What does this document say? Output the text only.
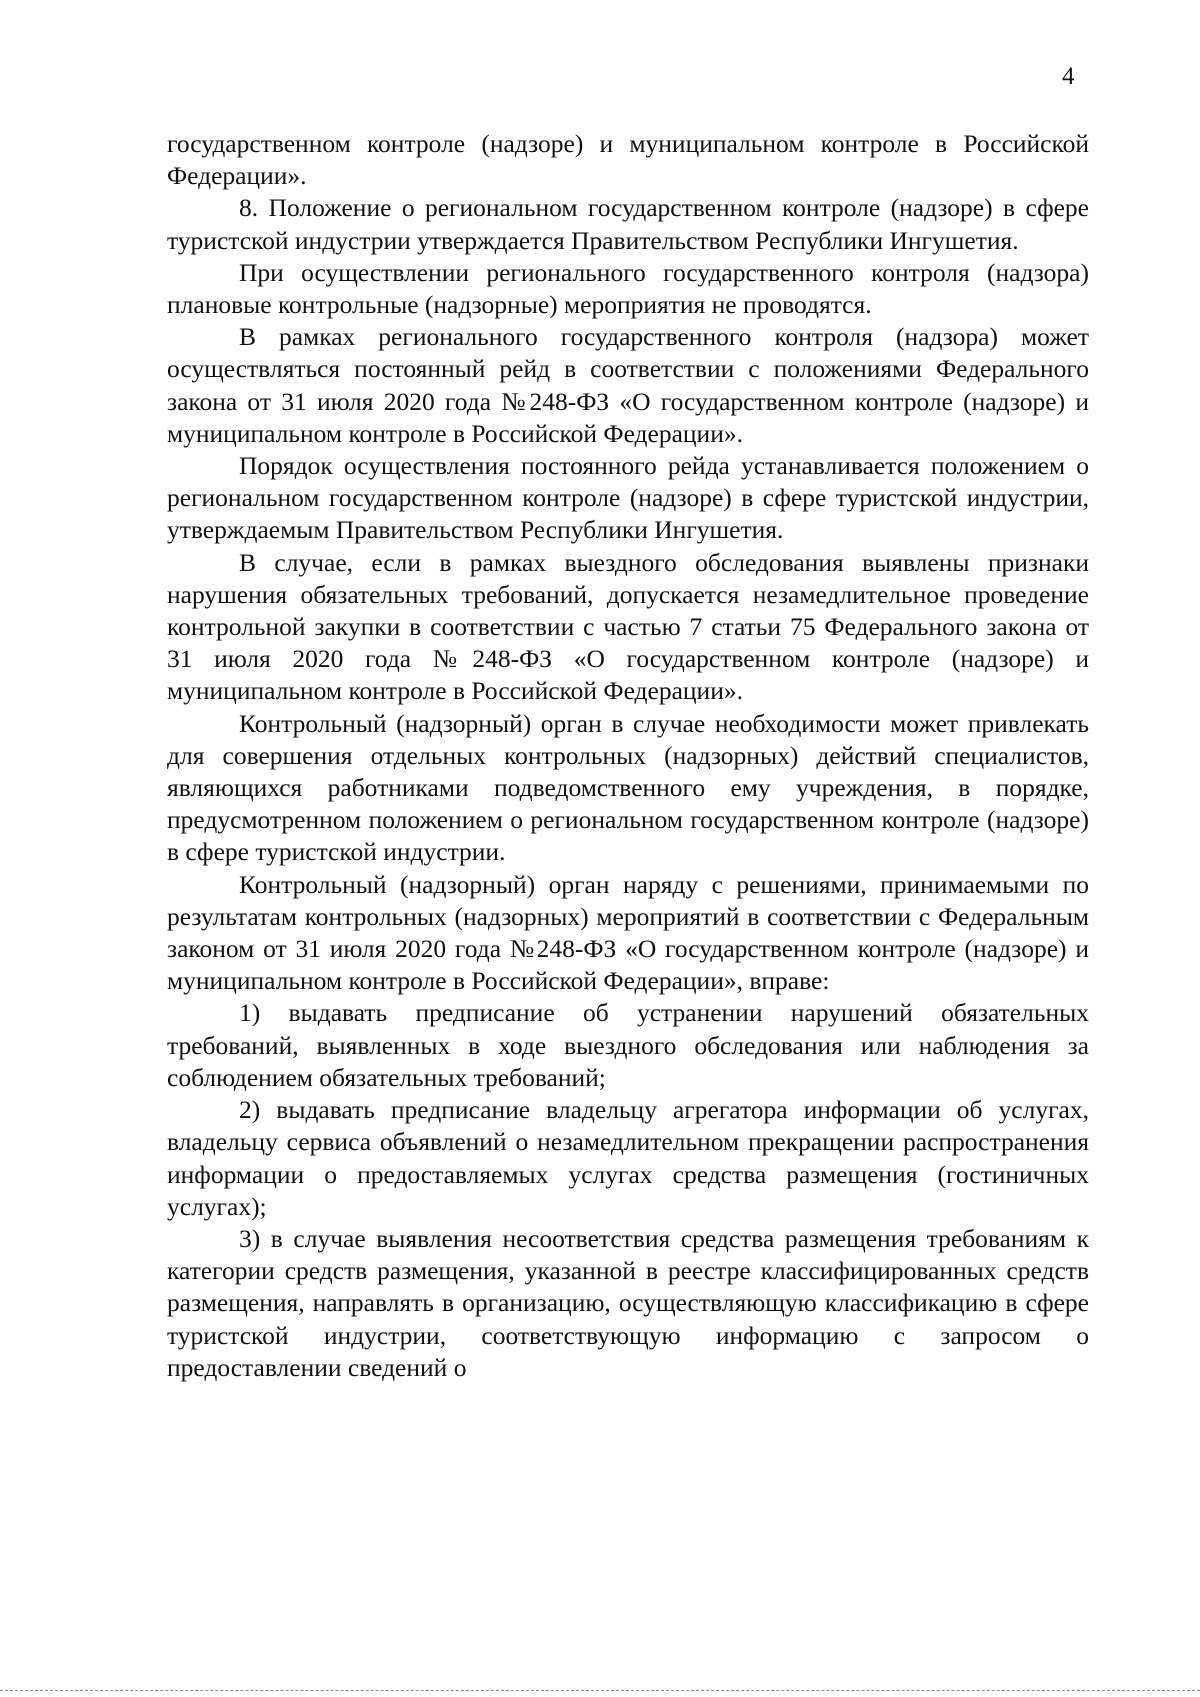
4

государственном контроле (надзоре) и муниципальном контроле в Российской Федерации».

8. Положение о региональном государственном контроле (надзоре) в сфере туристской индустрии утверждается Правительством Республики Ингушетия.

При осуществлении регионального государственного контроля (надзора) плановые контрольные (надзорные) мероприятия не проводятся.

В рамках регионального государственного контроля (надзора) может осуществляться постоянный рейд в соответствии с положениями Федерального закона от 31 июля 2020 года №248-ФЗ «О государственном контроле (надзоре) и муниципальном контроле в Российской Федерации».

Порядок осуществления постоянного рейда устанавливается положением о региональном государственном контроле (надзоре) в сфере туристской индустрии, утверждаемым Правительством Республики Ингушетия.

В случае, если в рамках выездного обследования выявлены признаки нарушения обязательных требований, допускается незамедлительное проведение контрольной закупки в соответствии с частью 7 статьи 75 Федерального закона от 31 июля 2020 года №248-ФЗ «О государственном контроле (надзоре) и муниципальном контроле в Российской Федерации».

Контрольный (надзорный) орган в случае необходимости может привлекать для совершения отдельных контрольных (надзорных) действий специалистов, являющихся работниками подведомственного ему учреждения, в порядке, предусмотренном положением о региональном государственном контроле (надзоре) в сфере туристской индустрии.

Контрольный (надзорный) орган наряду с решениями, принимаемыми по результатам контрольных (надзорных) мероприятий в соответствии с Федеральным законом от 31 июля 2020 года №248-ФЗ «О государственном контроле (надзоре) и муниципальном контроле в Российской Федерации», вправе:

1) выдавать предписание об устранении нарушений обязательных требований, выявленных в ходе выездного обследования или наблюдения за соблюдением обязательных требований;

2) выдавать предписание владельцу агрегатора информации об услугах, владельцу сервиса объявлений о незамедлительном прекращении распространения информации о предоставляемых услугах средства размещения (гостиничных услугах);

3) в случае выявления несоответствия средства размещения требованиям к категории средств размещения, указанной в реестре классифицированных средств размещения, направлять в организацию, осуществляющую классификацию в сфере туристской индустрии, соответствующую информацию с запросом о предоставлении сведений о
